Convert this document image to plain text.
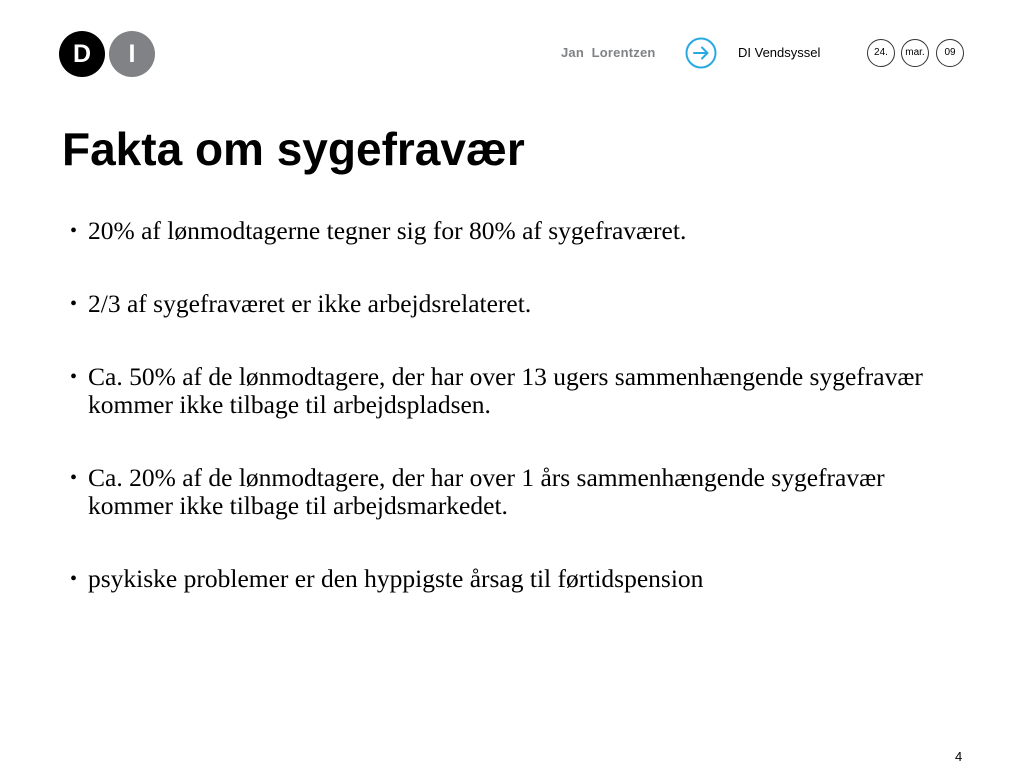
D	I	Jan  Lorentzen	DI Vendsyssel	24.	mar.	09
Fakta om sygefravær
• 20% af lønmodtagerne tegner sig for 80% af sygefraværet.
• 2/3 af sygefraværet er ikke arbejdsrelateret.
• Ca. 50% af de lønmodtagere, der har over 13 ugers sammenhængende sygefravær kommer ikke tilbage til arbejdspladsen.
• Ca. 20% af de lønmodtagere, der har over 1 års sammenhængende sygefravær kommer ikke tilbage til arbejdsmarkedet.
• psykiske problemer er den hyppigste årsag til førtidspension
4
